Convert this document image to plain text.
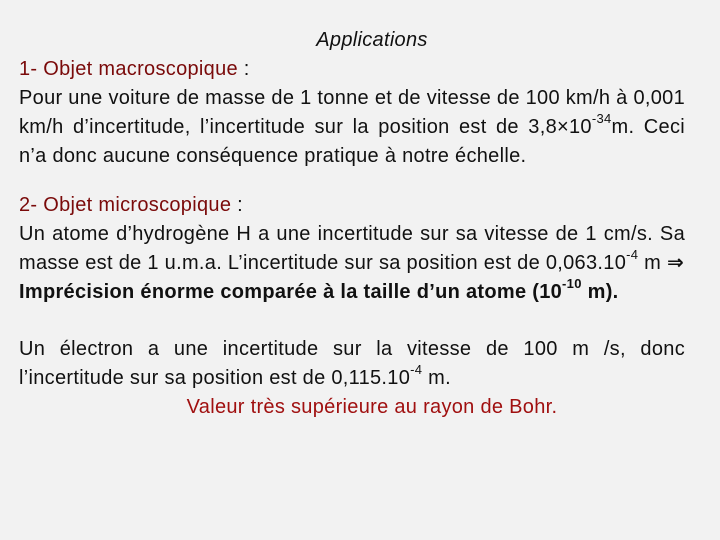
Applications
1- Objet macroscopique :
Pour une voiture de masse de 1 tonne et de vitesse de 100 km/h à 0,001 km/h d’incertitude, l’incertitude sur la position est de $3,8\times 10^{-34}m$. Ceci n’a donc aucune conséquence pratique à notre échelle.
2- Objet microscopique :
Un atome d’hydrogène H a une incertitude sur sa vitesse de 1 cm/s. Sa masse est de 1 u.m.a. L’incertitude sur sa position est de $0,063.10^{-4}$ m ⇒
Imprécision énorme comparée à la taille d’un atome ($10^{-10}$ m).
Un électron a une incertitude sur la vitesse de 100 m /s, donc l’incertitude sur sa position est de $0,115.10^{-4}$ m.
Valeur très supérieure au rayon de Bohr.
